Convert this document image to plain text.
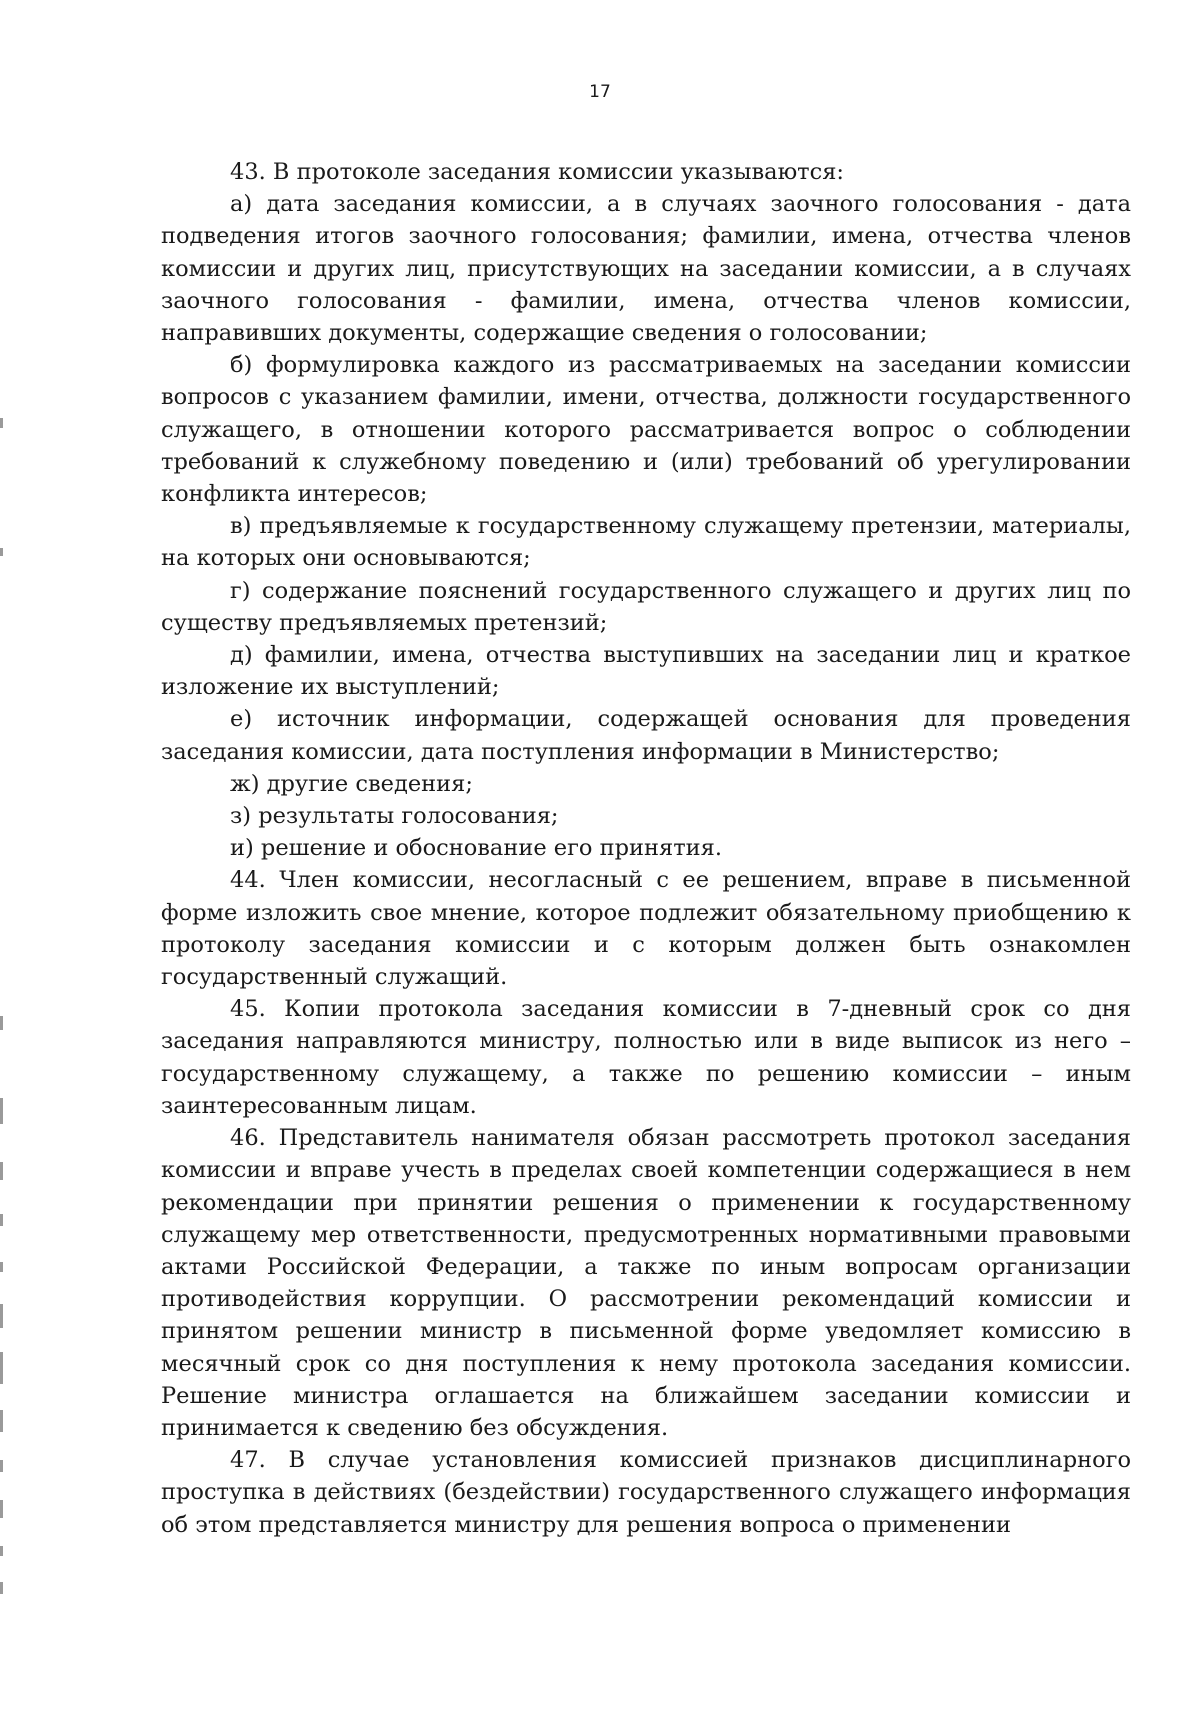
17

43. В протоколе заседания комиссии указываются:

а) дата заседания комиссии, а в случаях заочного голосования - дата подведения итогов заочного голосования; фамилии, имена, отчества членов комиссии и других лиц, присутствующих на заседании комиссии, а в случаях заочного голосования - фамилии, имена, отчества членов комиссии, направивших документы, содержащие сведения о голосовании;

б) формулировка каждого из рассматриваемых на заседании комиссии вопросов с указанием фамилии, имени, отчества, должности государственного служащего, в отношении которого рассматривается вопрос о соблюдении требований к служебному поведению и (или) требований об урегулировании конфликта интересов;

в) предъявляемые к государственному служащему претензии, материалы, на которых они основываются;

г) содержание пояснений государственного служащего и других лиц по существу предъявляемых претензий;

д) фамилии, имена, отчества выступивших на заседании лиц и краткое изложение их выступлений;

е) источник информации, содержащей основания для проведения заседания комиссии, дата поступления информации в Министерство;

ж) другие сведения;

з) результаты голосования;

и) решение и обоснование его принятия.

44. Член комиссии, несогласный с ее решением, вправе в письменной форме изложить свое мнение, которое подлежит обязательному приобщению к протоколу заседания комиссии и с которым должен быть ознакомлен государственный служащий.

45. Копии протокола заседания комиссии в 7-дневный срок со дня заседания направляются министру, полностью или в виде выписок из него – государственному служащему, а также по решению комиссии – иным заинтересованным лицам.

46. Представитель нанимателя обязан рассмотреть протокол заседания комиссии и вправе учесть в пределах своей компетенции содержащиеся в нем рекомендации при принятии решения о применении к государственному служащему мер ответственности, предусмотренных нормативными правовыми актами Российской Федерации, а также по иным вопросам организации противодействия коррупции. О рассмотрении рекомендаций комиссии и принятом решении министр в письменной форме уведомляет комиссию в месячный срок со дня поступления к нему протокола заседания комиссии. Решение министра оглашается на ближайшем заседании комиссии и принимается к сведению без обсуждения.

47. В случае установления комиссией признаков дисциплинарного проступка в действиях (бездействии) государственного служащего информация об этом представляется министру для решения вопроса о применении
